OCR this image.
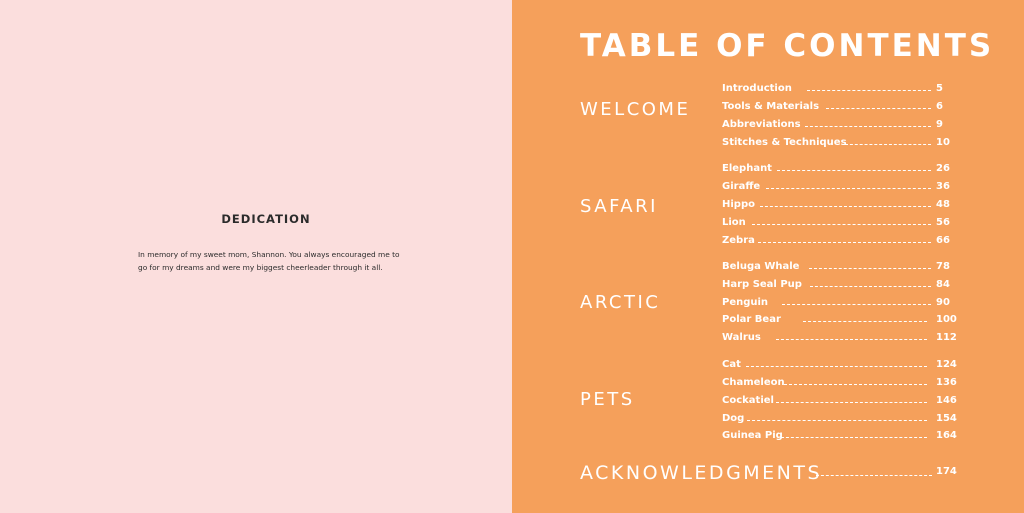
DEDICATION

In memory of my sweet mom, Shannon. You always encouraged me to go for my dreams and were my biggest cheerleader through it all.

TABLE OF CONTENTS
WELCOME
Introduction	5
Tools & Materials	6
Abbreviations	9
Stitches & Techniques	10
SAFARI
Elephant	26
Giraffe	36
Hippo	48
Lion	56
Zebra	66
ARCTIC
Beluga Whale	78
Harp Seal Pup	84
Penguin	90
Polar Bear	100
Walrus	112
PETS
Cat	124
Chameleon	136
Cockatiel	146
Dog	154
Guinea Pig	164
ACKNOWLEDGMENTS	174
